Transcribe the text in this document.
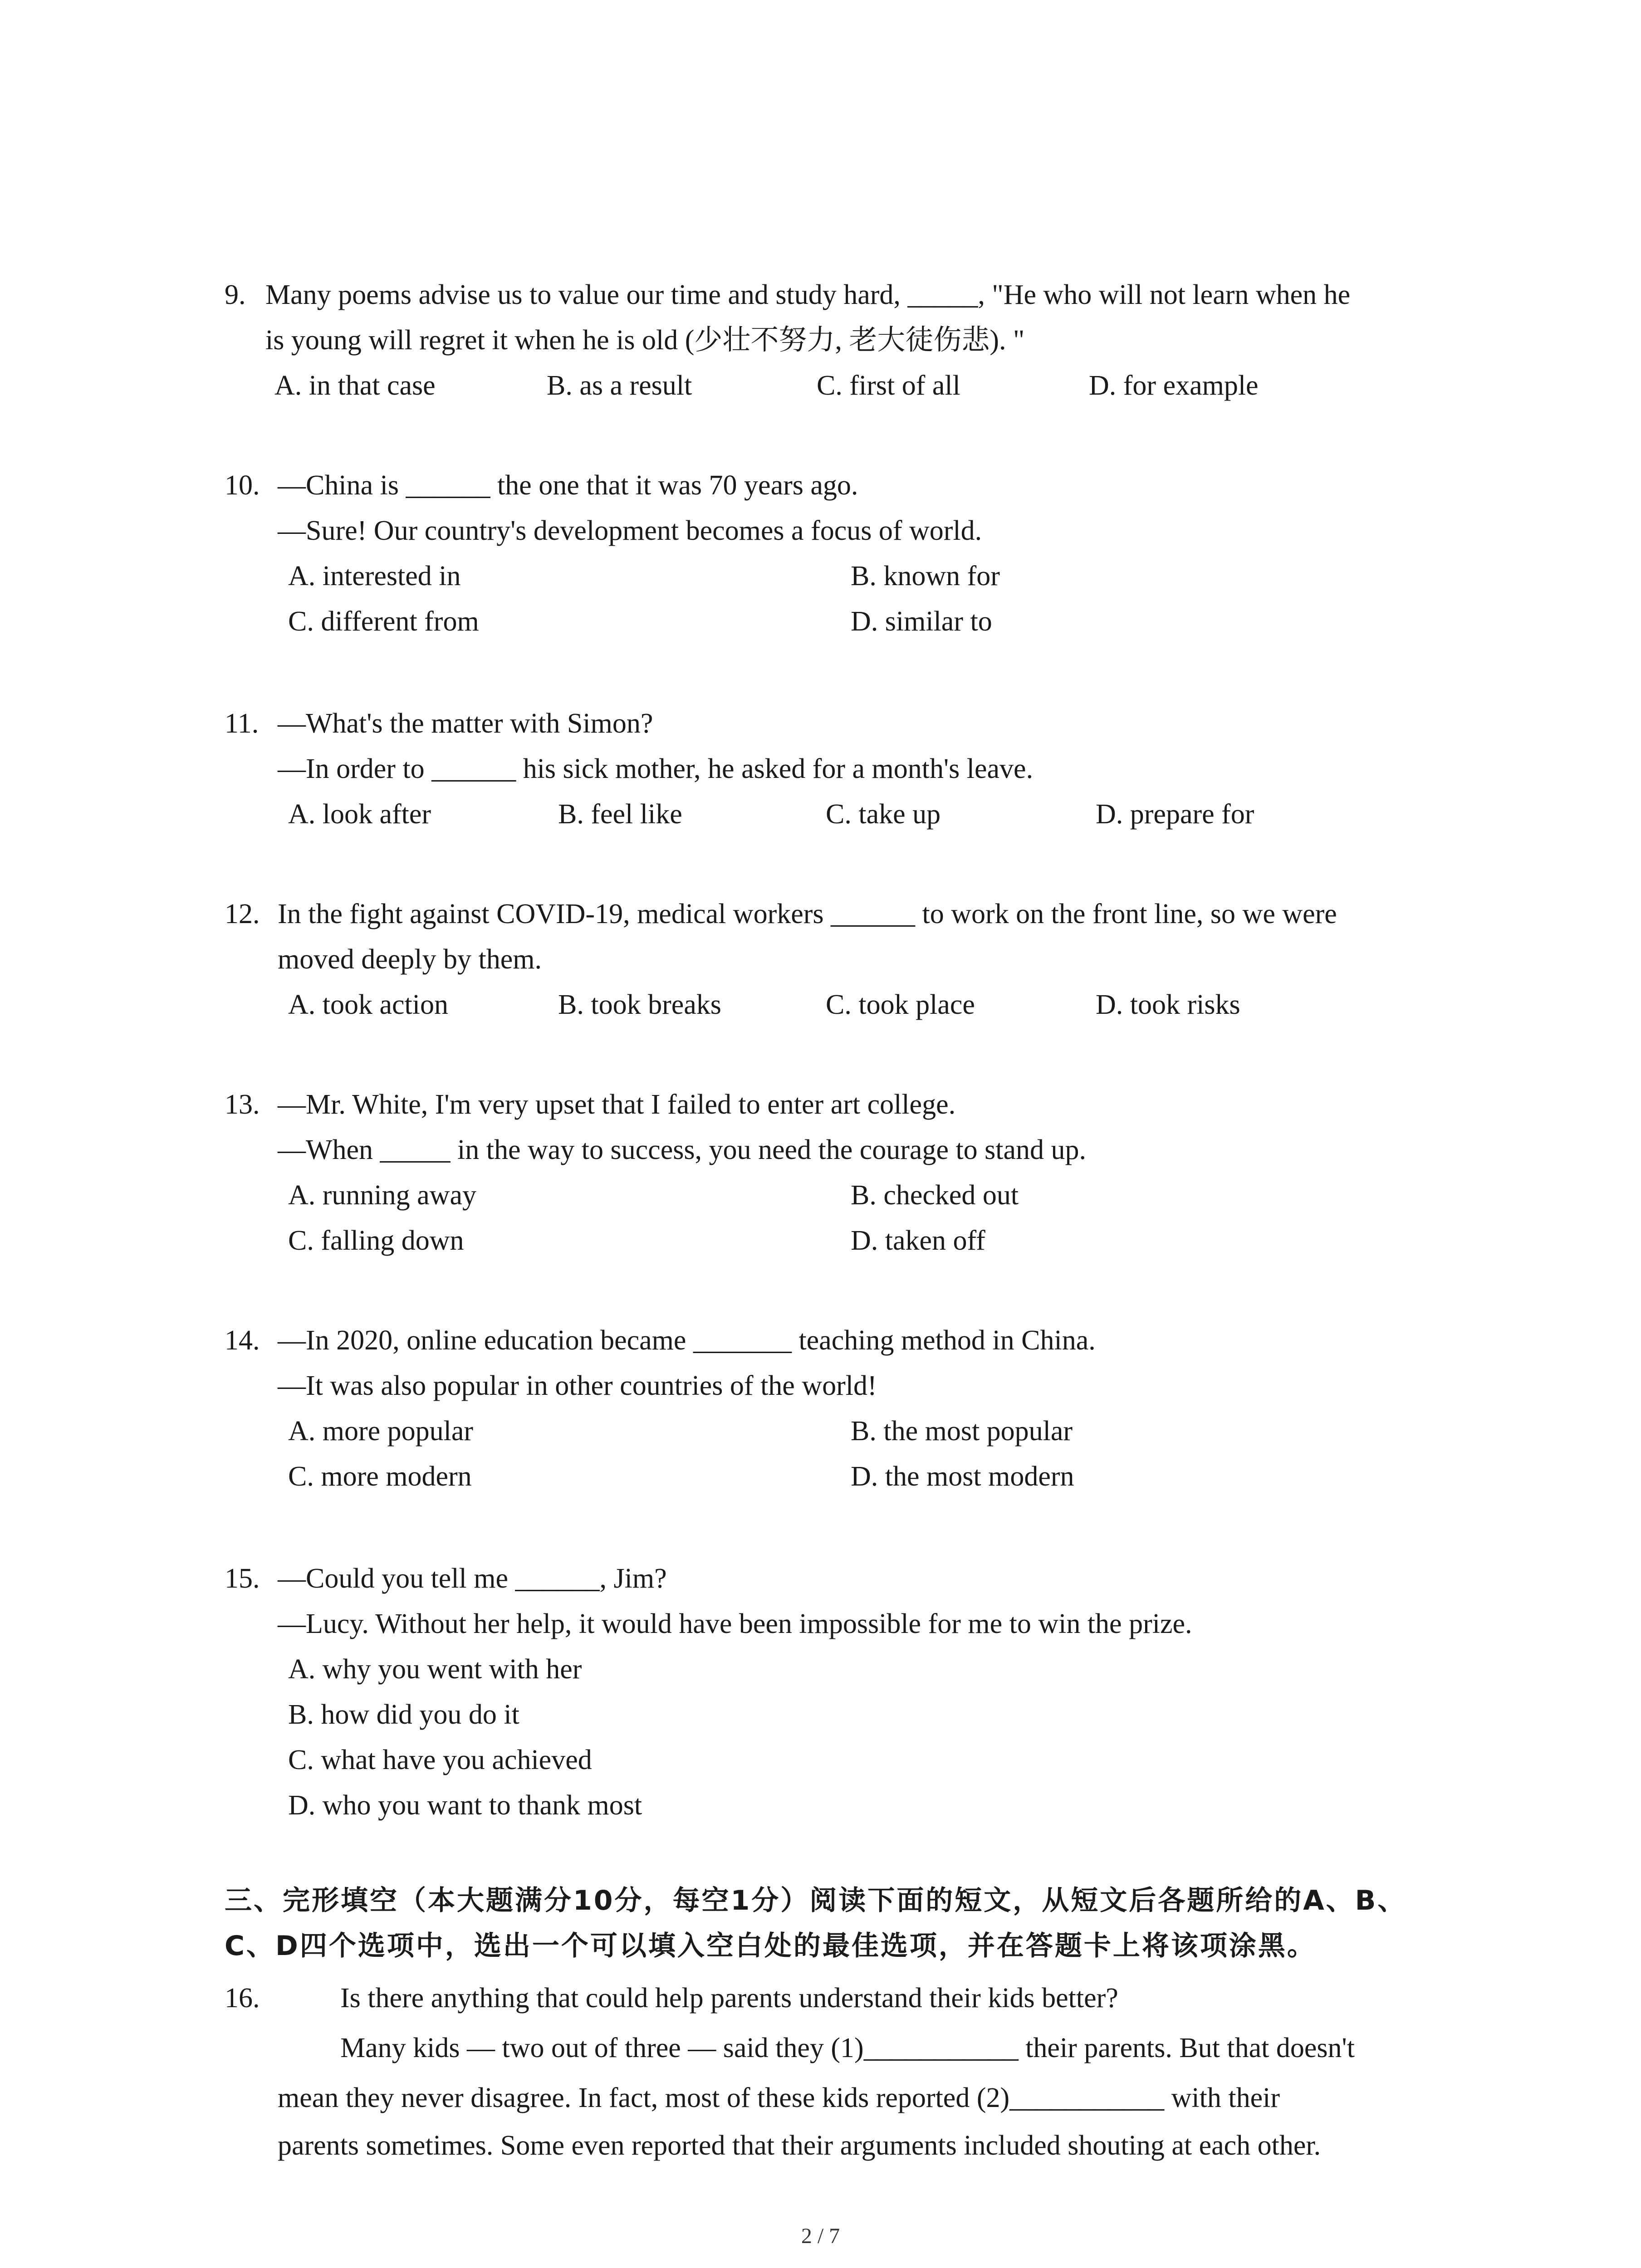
9. Many poems advise us to value our time and study hard, _____, "He who will not learn when he
is young will regret it when he is old (少壮不努力, 老大徒伤悲). "
A. in that case	B. as a result	C. first of all	D. for example
10. —China is ______ the one that it was 70 years ago.
—Sure! Our country's development becomes a focus of world.
A. interested in	B. known for
C. different from	D. similar to
11. —What's the matter with Simon?
—In order to ______ his sick mother, he asked for a month's leave.
A. look after	B. feel like	C. take up	D. prepare for
12. In the fight against COVID-19, medical workers ______ to work on the front line, so we were
moved deeply by them.
A. took action	B. took breaks	C. took place	D. took risks
13. —Mr. White, I'm very upset that I failed to enter art college.
—When _____ in the way to success, you need the courage to stand up.
A. running away	B. checked out
C. falling down	D. taken off
14. —In 2020, online education became _______ teaching method in China.
—It was also popular in other countries of the world!
A. more popular	B. the most popular
C. more modern	D. the most modern
15. —Could you tell me ______, Jim?
—Lucy. Without her help, it would have been impossible for me to win the prize.
A. why you went with her
B. how did you do it
C. what have you achieved
D. who you want to thank most
三、完形填空（本大题满分10分，每空1分）阅读下面的短文，从短文后各题所给的A、B、
C、D四个选项中，选出一个可以填入空白处的最佳选项，并在答题卡上将该项涂黑。
16.	Is there anything that could help parents understand their kids better?
Many kids — two out of three — said they (1)___________ their parents. But that doesn't
mean they never disagree. In fact, most of these kids reported (2)___________ with their
parents sometimes. Some even reported that their arguments included shouting at each other.
2 / 7
